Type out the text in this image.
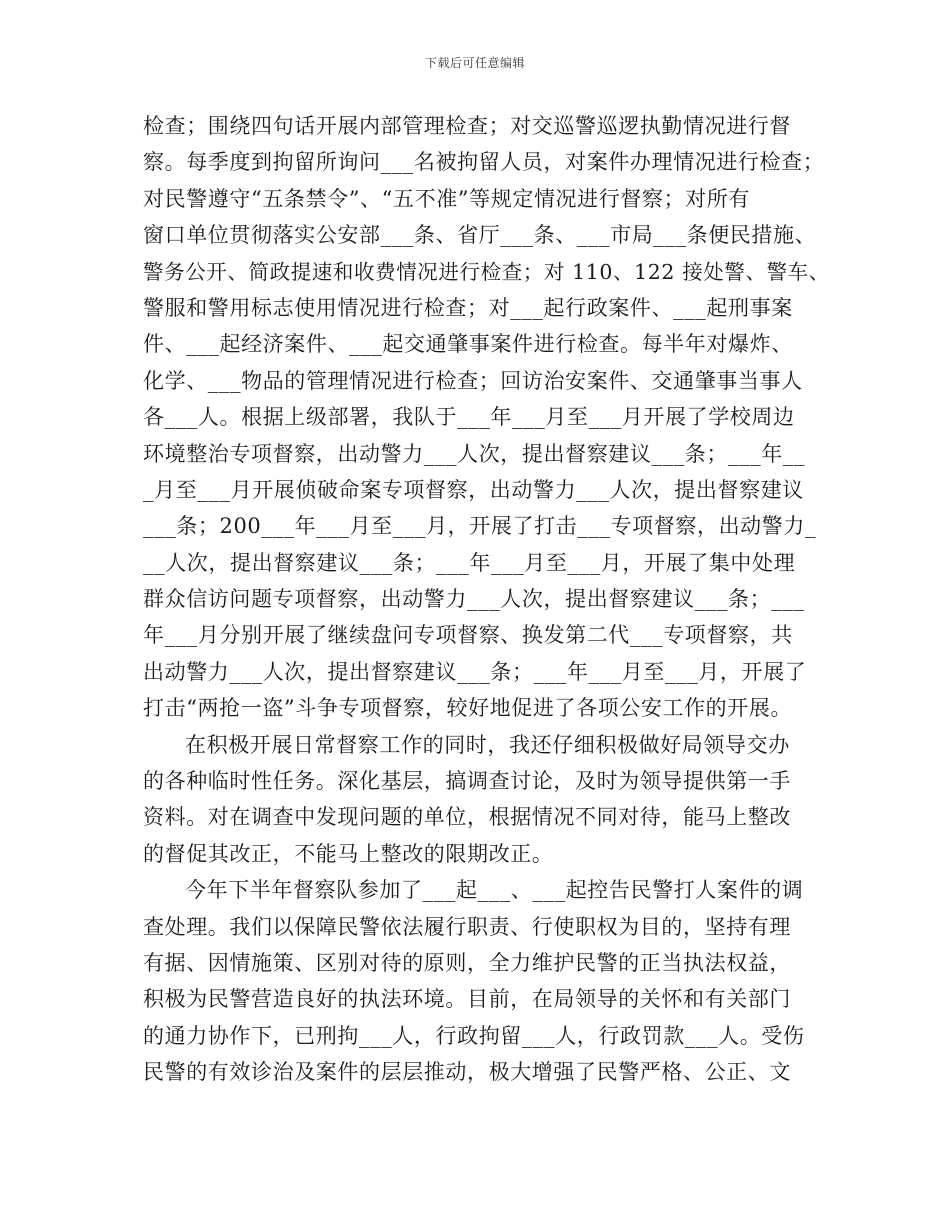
下载后可任意编辑
检查；围绕四句话开展内部管理检查；对交巡警巡逻执勤情况进行督
察。每季度到拘留所询问___名被拘留人员，对案件办理情况进行检查；
对民警遵守“五条禁令”、“五不准”等规定情况进行督察；对所有
窗口单位贯彻落实公安部___条、省厅___条、___市局___条便民措施、
警务公开、简政提速和收费情况进行检查；对 110、122 接处警、警车、
警服和警用标志使用情况进行检查；对___起行政案件、___起刑事案
件、___起经济案件、___起交通肇事案件进行检查。每半年对爆炸、
化学、___物品的管理情况进行检查；回访治安案件、交通肇事当事人
各___人。根据上级部署，我队于___年___月至___月开展了学校周边
环境整治专项督察，出动警力___人次，提出督察建议___条；___年__
_月至___月开展侦破命案专项督察，出动警力___人次，提出督察建议
___条；200___年___月至___月，开展了打击___专项督察，出动警力_
__人次，提出督察建议___条；___年___月至___月，开展了集中处理
群众信访问题专项督察，出动警力___人次，提出督察建议___条；___
年___月分别开展了继续盘问专项督察、换发第二代___专项督察，共
出动警力___人次，提出督察建议___条；___年___月至___月，开展了
打击“两抢一盗”斗争专项督察，较好地促进了各项公安工作的开展。
在积极开展日常督察工作的同时，我还仔细积极做好局领导交办
的各种临时性任务。深化基层，搞调查讨论，及时为领导提供第一手
资料。对在调查中发现问题的单位，根据情况不同对待，能马上整改
的督促其改正，不能马上整改的限期改正。
今年下半年督察队参加了___起___、___起控告民警打人案件的调
查处理。我们以保障民警依法履行职责、行使职权为目的，坚持有理
有据、因情施策、区别对待的原则，全力维护民警的正当执法权益，
积极为民警营造良好的执法环境。目前，在局领导的关怀和有关部门
的通力协作下，已刑拘___人，行政拘留___人，行政罚款___人。受伤
民警的有效诊治及案件的层层推动，极大增强了民警严格、公正、文
